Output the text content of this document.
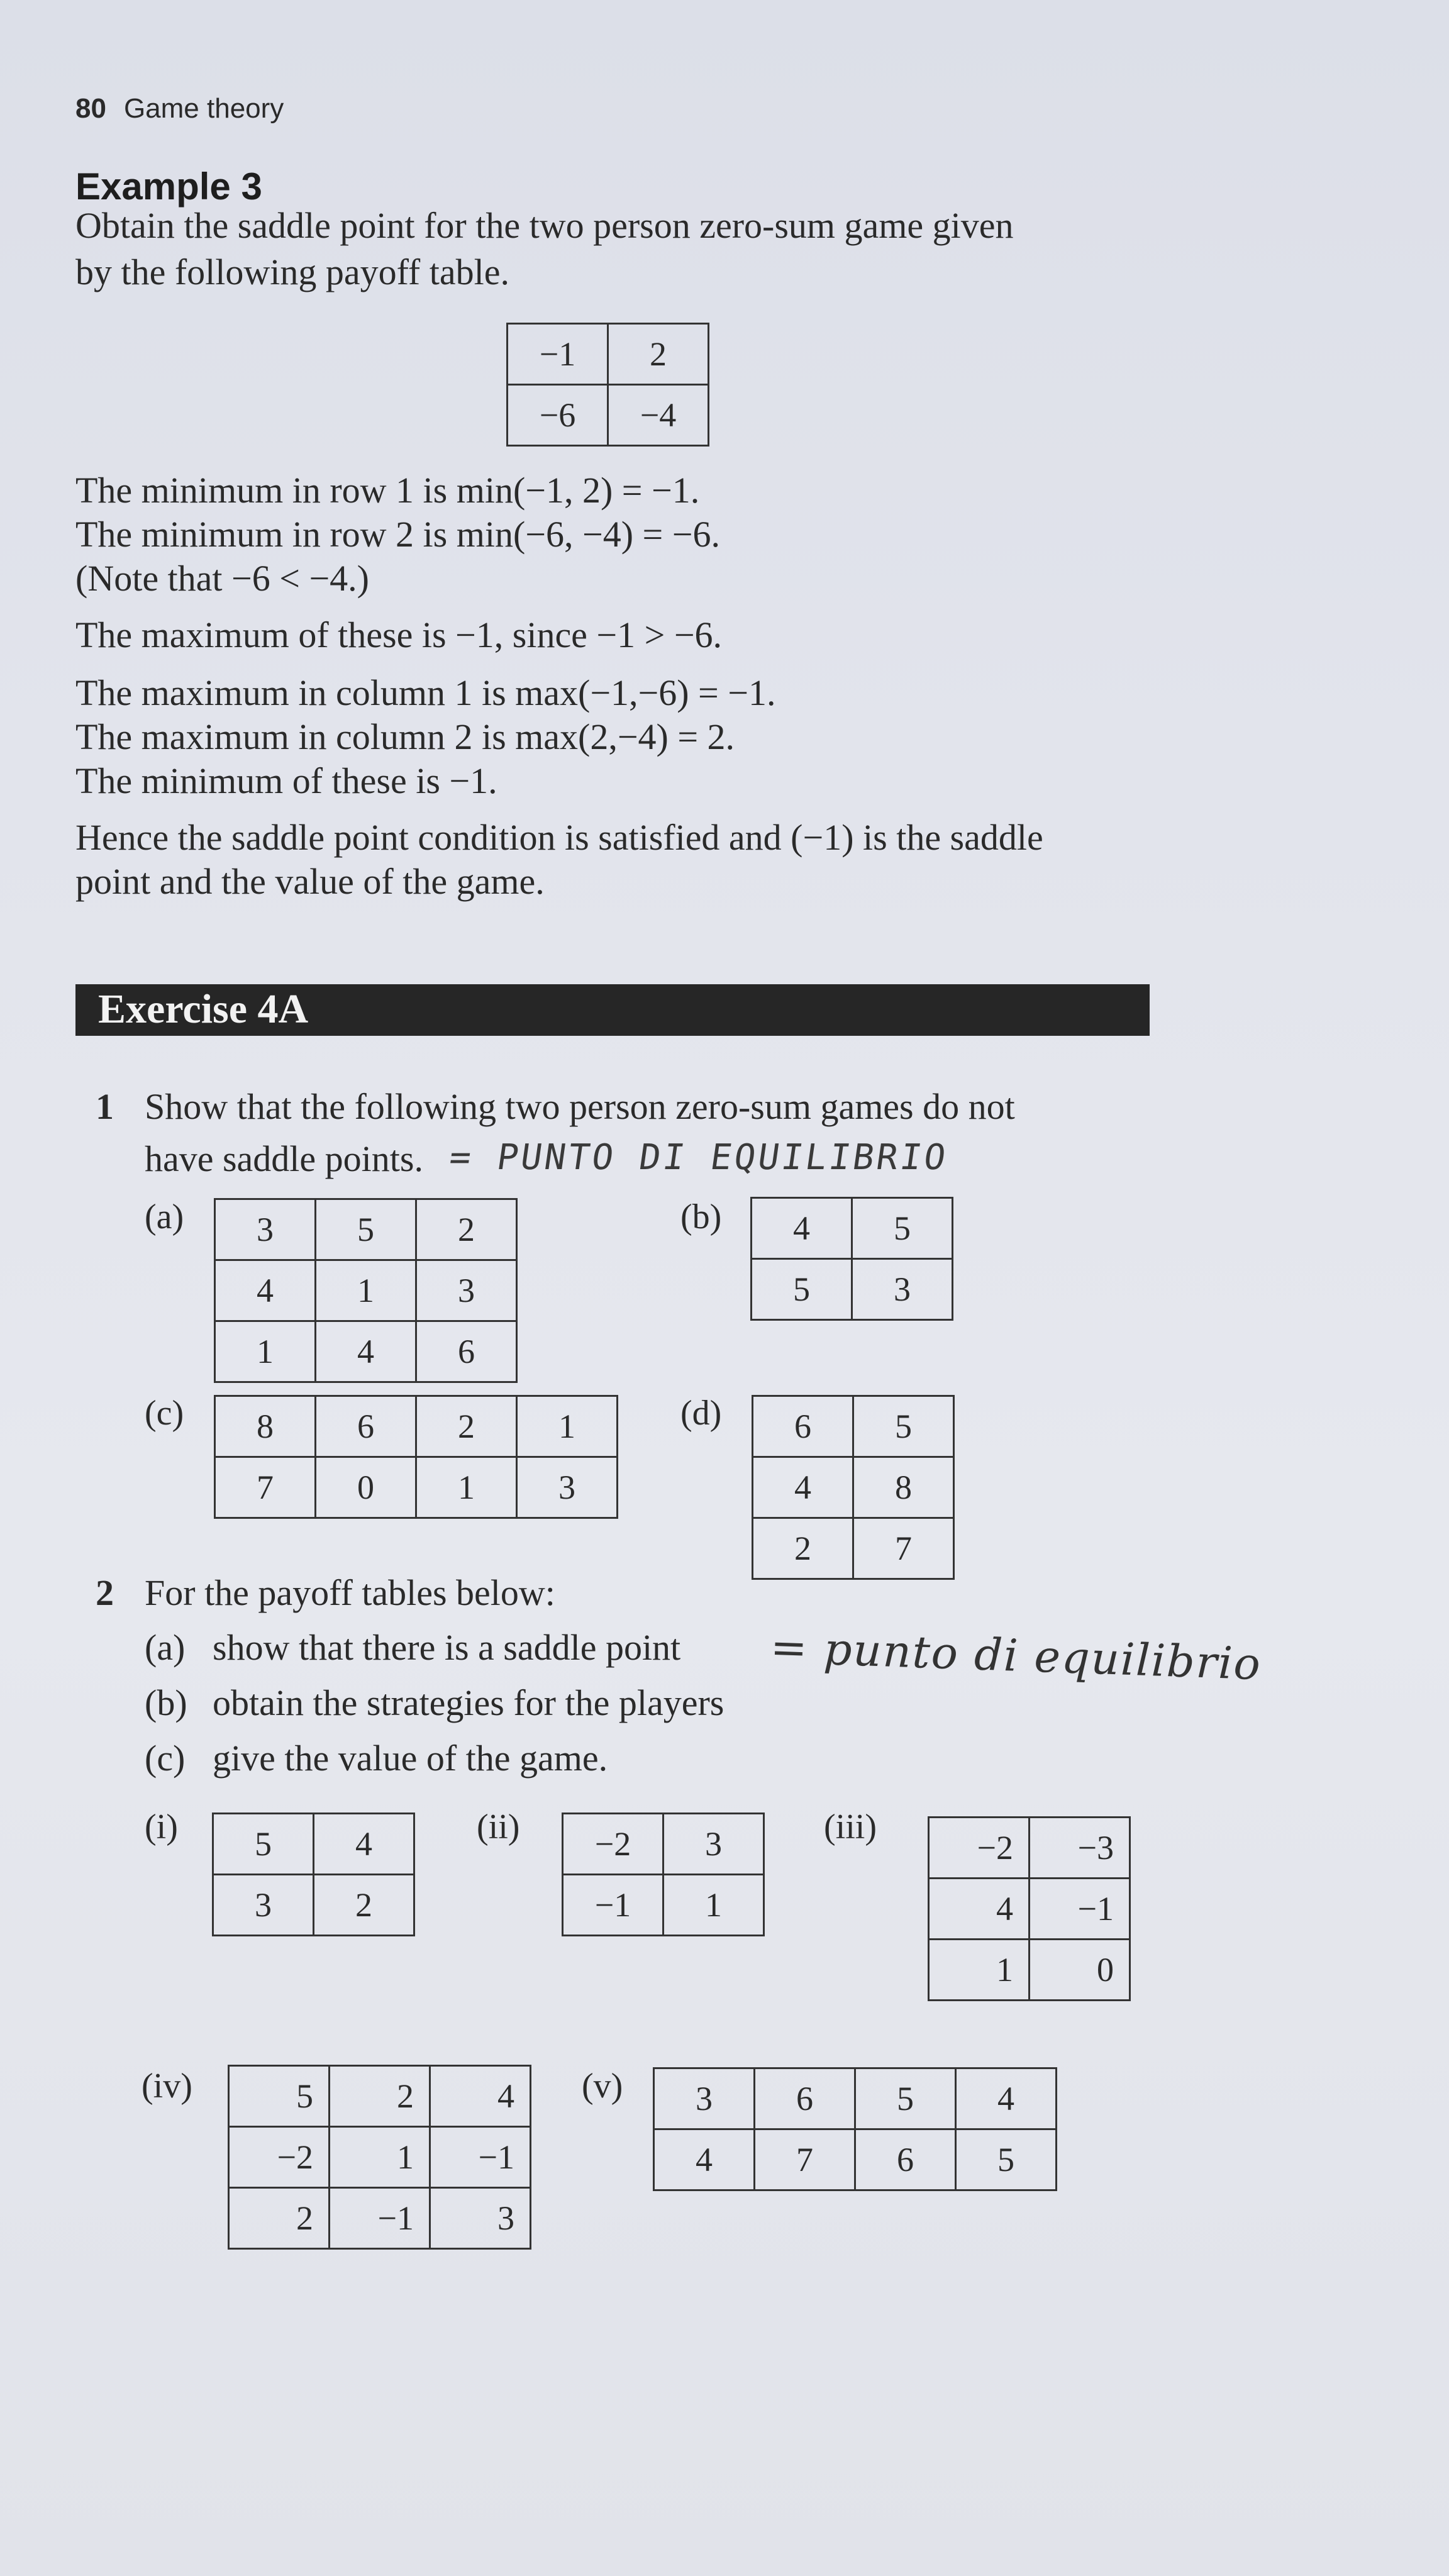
80 Game theory
Example 3
Obtain the saddle point for the two person zero-sum game given
by the following payoff table.
−1	2
−6	−4
The minimum in row 1 is min(−1, 2) = −1.
The minimum in row 2 is min(−6, −4) = −6.
(Note that −6 < −4.)
The maximum of these is −1, since −1 > −6.
The maximum in column 1 is max(−1,−6) = −1.
The maximum in column 2 is max(2,−4) = 2.
The minimum of these is −1.
Hence the saddle point condition is satisfied and (−1) is the saddle
point and the value of the game.
Exercise 4A
1 Show that the following two person zero-sum games do not
have saddle points. = PUNTO DI EQUILIBRIO
(a) 3	5	2
4	1	3
1	4	6
(b) 4	5
5	3
(c) 8	6	2	1
7	0	1	3
(d) 6	5
4	8
2	7
2 For the payoff tables below:
(a) show that there is a saddle point = punto di equilibrio
(b) obtain the strategies for the players
(c) give the value of the game.
(i) 5	4
3	2
(ii) −2	3
−1	1
(iii)
−2	−3
4	−1
1	0
(iv)	5	2	4
−2	1	−1
2	−1	3
(v) 3	6	5	4
4	7	6	5
